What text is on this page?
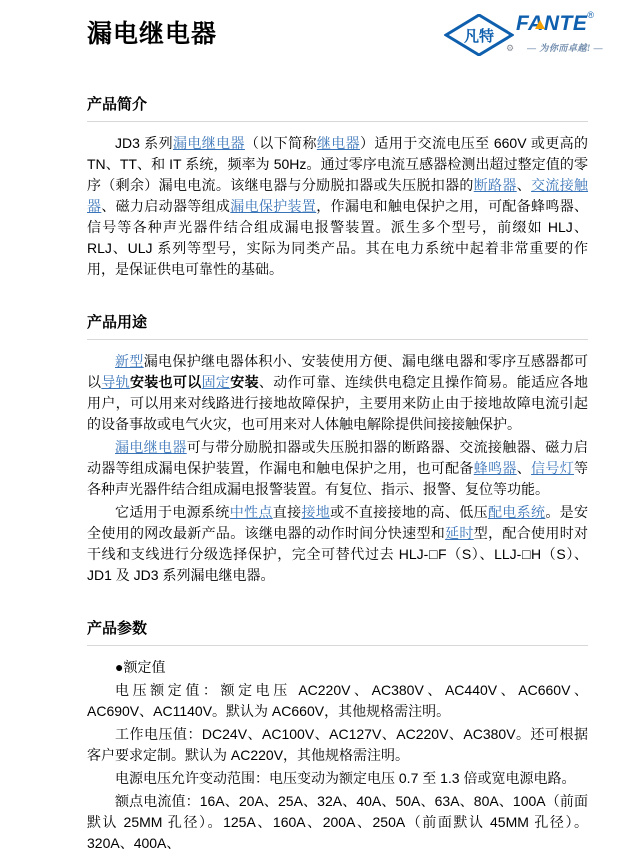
漏电继电器	凡特
FANTE®
⚙ — 为你而卓越! —
产品简介

JD3 系列漏电继电器（以下简称继电器）适用于交流电压至 660V 或更高的 TN、TT、和 IT 系统，频率为 50Hz。通过零序电流互感器检测出超过整定值的零序（剩余）漏电电流。该继电器与分励脱扣器或失压脱扣器的断路器、交流接触器、磁力启动器等组成漏电保护装置，作漏电和触电保护之用，可配备蜂鸣器、信号等各种声光器件结合组成漏电报警装置。派生多个型号，前缀如 HLJ、RLJ、ULJ 系列等型号，实际为同类产品。其在电力系统中起着非常重要的作用，是保证供电可靠性的基础。

产品用途

新型漏电保护继电器体积小、安装使用方便、漏电继电器和零序互感器都可以导轨安装也可以固定安装、动作可靠、连续供电稳定且操作简易。能适应各地用户，可以用来对线路进行接地故障保护，主要用来防止由于接地故障电流引起的设备事故或电气火灾，也可用来对人体触电解除提供间接接触保护。

漏电继电器可与带分励脱扣器或失压脱扣器的断路器、交流接触器、磁力启动器等组成漏电保护装置，作漏电和触电保护之用，也可配备蜂鸣器、信号灯等各种声光器件结合组成漏电报警装置。有复位、指示、报警、复位等功能。

它适用于电源系统中性点直接接地或不直接接地的高、低压配电系统。是安全使用的网改最新产品。该继电器的动作时间分快速型和延时型，配合使用时对干线和支线进行分级选择保护，完全可替代过去 HLJ-□F（S）、LLJ-□H（S）、JD1 及 JD3 系列漏电继电器。

产品参数

●额定值

电压额定值：额定电压 AC220V、AC380V、AC440V、AC660V、AC690V、AC1140V。默认为 AC660V，其他规格需注明。

工作电压值：DC24V、AC100V、AC127V、AC220V、AC380V。还可根据客户要求定制。默认为 AC220V，其他规格需注明。

电源电压允许变动范围：电压变动为额定电压 0.7 至 1.3 倍或宽电源电路。

额点电流值：16A、20A、25A、32A、40A、50A、63A、80A、100A（前面默认 25MM 孔径）。125A、160A、200A、250A（前面默认 45MM 孔径）。320A、400A、
